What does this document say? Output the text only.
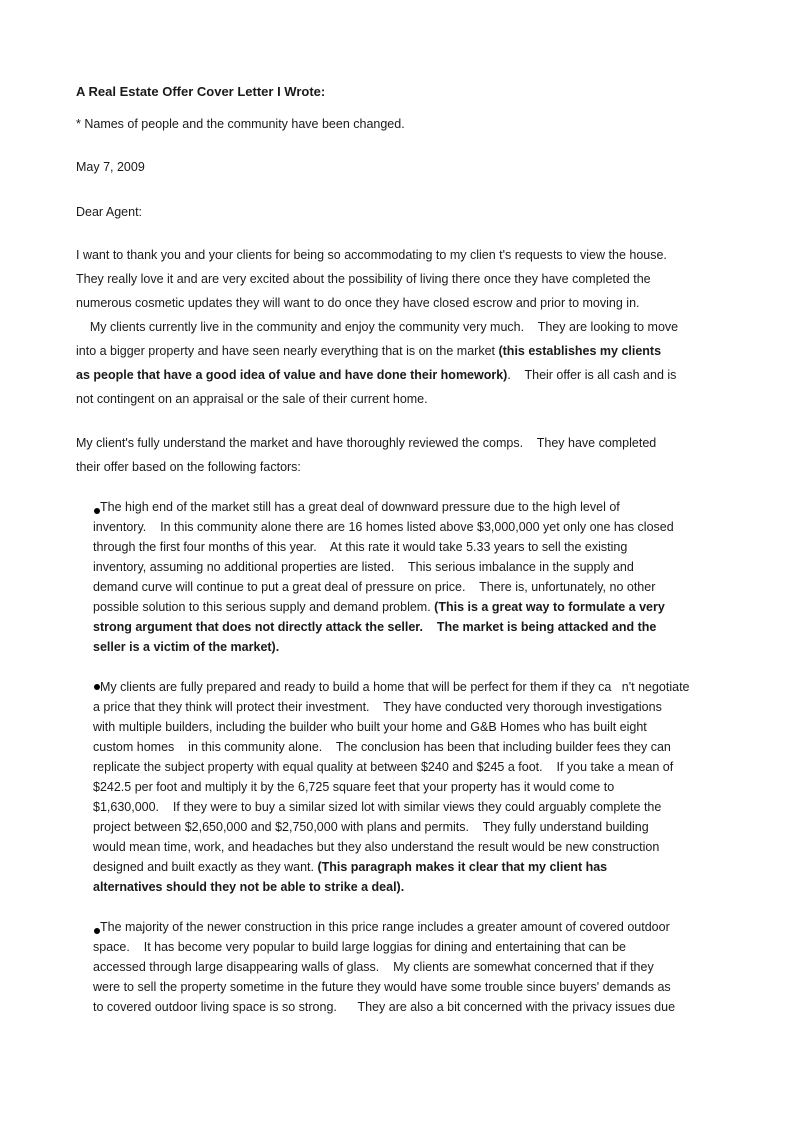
A Real Estate Offer Cover Letter I Wrote:
* Names of people and the community have been changed.
May 7, 2009
Dear Agent:
I want to thank you and your clients for being so accommodating to my clien t's requests to view the house.
They really love it and are very excited about the possibility of living there once they have completed the
numerous cosmetic updates they will want to do once they have closed escrow and prior to moving in.
My clients currently live in the community and enjoy the community very much.    They are looking to move
into a bigger property and have seen nearly everything that is on the market (this establishes my clients
as people that have a good idea of value and have done their homework).    Their offer is all cash and is
not contingent on an appraisal or the sale of their current home.
My client's fully understand the market and have thoroughly reviewed the comps.    They have completed
their offer based on the following factors:
The high end of the market still has a great deal of downward pressure due to the high level of
inventory.    In this community alone there are 16 homes listed above $3,000,000 yet only one has closed
through the first four months of this year.    At this rate it would take 5.33 years to sell the existing
inventory, assuming no additional properties are listed.    This serious imbalance in the supply and
demand curve will continue to put a great deal of pressure on price.    There is, unfortunately, no other
possible solution to this serious supply and demand problem. (This is a great way to formulate a very
strong argument that does not directly attack the seller.    The market is being attacked and the
seller is a victim of the market).
My clients are fully prepared and ready to build a home that will be perfect for them if they ca   n't negotiate
a price that they think will protect their investment.    They have conducted very thorough investigations
with multiple builders, including the builder who built your home and G&B Homes who has built eight
custom homes    in this community alone.    The conclusion has been that including builder fees they can
replicate the subject property with equal quality at between $240 and $245 a foot.    If you take a mean of
$242.5 per foot and multiply it by the 6,725 square feet that your property has it would come to
$1,630,000.    If they were to buy a similar sized lot with similar views they could arguably complete the
project between $2,650,000 and $2,750,000 with plans and permits.    They fully understand building
would mean time, work, and headaches but they also understand the result would be new construction
designed and built exactly as they want. (This paragraph makes it clear that my client has
alternatives should they not be able to strike a deal).
The majority of the newer construction in this price range includes a greater amount of covered outdoor
space.    It has become very popular to build large loggias for dining and entertaining that can be
accessed through large disappearing walls of glass.    My clients are somewhat concerned that if they
were to sell the property sometime in the future they would have some trouble since buyers' demands as
to covered outdoor living space is so strong.      They are also a bit concerned with the privacy issues due
